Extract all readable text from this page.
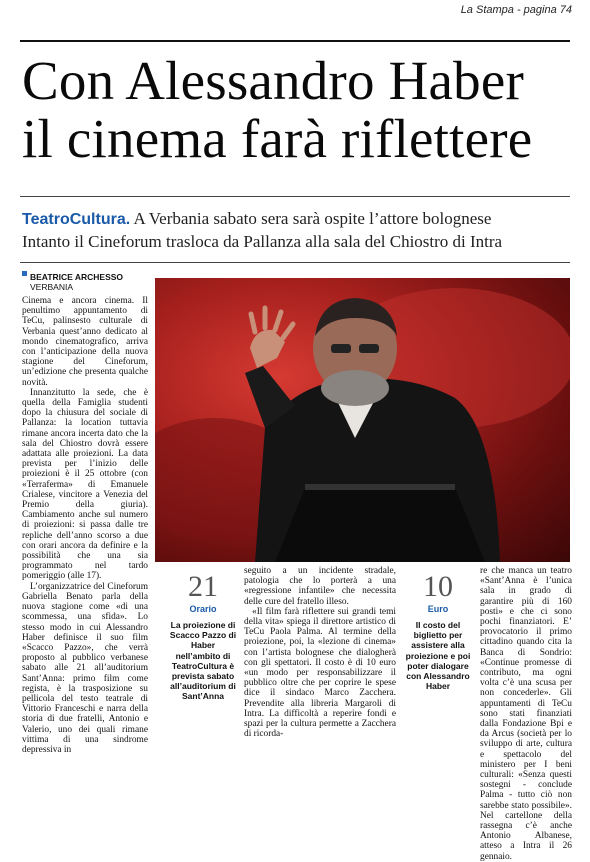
La Stampa - pagina 74
Con Alessandro Haber
il cinema farà riflettere
TeatroCultura. A Verbania sabato sera sarà ospite l’attore bolognese
Intanto il Cineforum trasloca da Pallanza alla sala del Chiostro di Intra
BEATRICE ARCHESSO
VERBANIA

Cinema e ancora cinema. Il penultimo appuntamento di TeCu, palinsesto culturale di Verbania quest’anno dedicato al mondo cinematografico, arriva con l’anticipazione della nuova stagione del Cineforum, un’edizione che presenta qualche novità.

Innanzitutto la sede, che è quella della Famiglia studenti dopo la chiusura del sociale di Pallanza: la location tuttavia rimane ancora incerta dato che la sala del Chiostro dovrà essere adattata alle proiezioni. La data prevista per l’inizio delle proiezioni è il 25 ottobre (con «Terraferma» di Emanuele Crialese, vincitore a Venezia del Premio della giuria). Cambiamento anche sul numero di proiezioni: si passa dalle tre repliche dell’anno scorso a due con orari ancora da definire e la possibilità che una sia programmato nel tardo pomeriggio (alle 17).

L’organizzatrice del Cineforum Gabriella Benato parla della nuova stagione come «di una scommessa, una sfida». Lo stesso modo in cui Alessandro Haber definisce il suo film «Scacco Pazzo», che verrà proposto al pubblico verbanese sabato alle 21 all’auditorium Sant’Anna: primo film come regista, è la trasposizione su pellicola del testo teatrale di Vittorio Franceschi e narra della storia di due fratelli, Antonio e Valerio, uno dei quali rimane vittima di una sindrome depressiva in

21
Orario
La proiezione di Scacco Pazzo di Haber nell’ambito di TeatroCultura è prevista sabato all’auditorium di Sant’Anna

seguito a un incidente stradale, patologia che lo porterà a una «regressione infantile» che necessita delle cure del fratello illeso.

«Il film farà riflettere sui grandi temi della vita» spiega il direttore artistico di TeCu Paola Palma. Al termine della proiezione, poi, la «lezione di cinema» con l’artista bolognese che dialogherà con gli spettatori. Il costo è di 10 euro «un modo per responsabilizzare il pubblico oltre che per coprire le spese dice il sindaco Marco Zacchera. Prevendite alla libreria Margaroli di Intra. La difficoltà a reperire fondi e spazi per la cultura permette a Zacchera di ricorda-

10
Euro
Il costo del biglietto per assistere alla proiezione e poi poter dialogare con Alessandro Haber

re che manca un teatro «Sant’Anna è l’unica sala in grado di garantire più di 160 posti» e che ci sono pochi finanziatori. E’ provocatorio il primo cittadino quando cita la Banca di Sondrio: «Continue promesse di contributo, ma ogni volta c’è una scusa per non concederle». Gli appuntamenti di TeCu sono stati finanziati dalla Fondazione Bpi e da Arcus (società per lo sviluppo di arte, cultura e spettacolo del ministero per I beni culturali: «Senza questi sostegni - conclude Palma - tutto ciò non sarebbe stato possibile». Nel cartellone della rassegna c’è anche Antonio Albanese, atteso a Intra il 26 gennaio.
